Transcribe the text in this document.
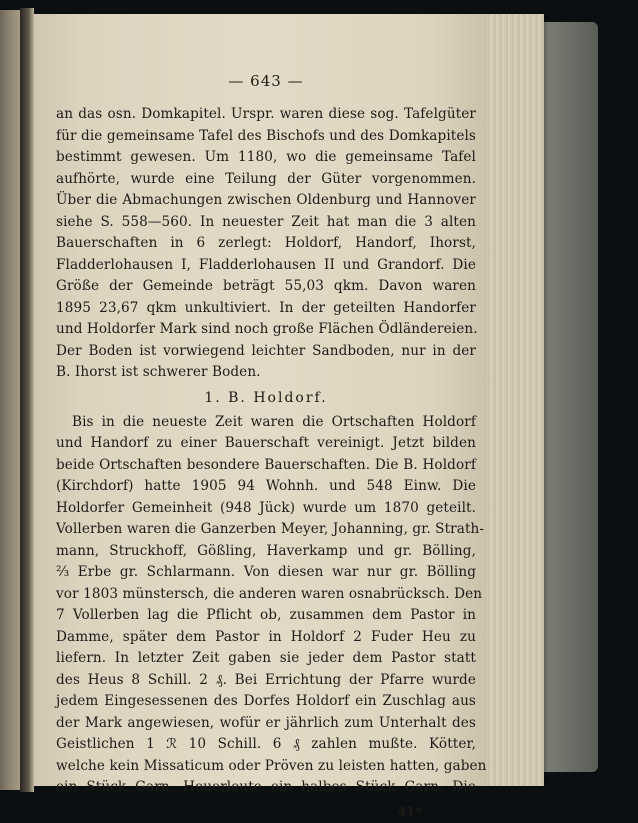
— 643 —
an das osn. Domkapitel. Urspr. waren diese sog. Tafelgüter
für die gemeinsame Tafel des Bischofs und des Domkapitels
bestimmt gewesen. Um 1180, wo die gemeinsame Tafel
aufhörte, wurde eine Teilung der Güter vorgenommen.
Über die Abmachungen zwischen Oldenburg und Hannover
siehe S. 558—560. In neuester Zeit hat man die 3 alten
Bauerschaften in 6 zerlegt: Holdorf, Handorf, Ihorst,
Fladderlohausen I, Fladderlohausen II und Grandorf. Die
Größe der Gemeinde beträgt 55,03 qkm. Davon waren
1895 23,67 qkm unkultiviert. In der geteilten Handorfer
und Holdorfer Mark sind noch große Flächen Ödländereien.
Der Boden ist vorwiegend leichter Sandboden, nur in der
B. Ihorst ist schwerer Boden.
1. B. Holdorf.
Bis in die neueste Zeit waren die Ortschaften Holdorf
und Handorf zu einer Bauerschaft vereinigt. Jetzt bilden
beide Ortschaften besondere Bauerschaften. Die B. Holdorf
(Kirchdorf) hatte 1905 94 Wohnh. und 548 Einw. Die
Holdorfer Gemeinheit (948 Jück) wurde um 1870 geteilt.
Vollerben waren die Ganzerben Meyer, Johanning, gr. Strath-
mann, Struckhoff, Gößling, Haverkamp und gr. Bölling,
⅔ Erbe gr. Schlarmann. Von diesen war nur gr. Bölling
vor 1803 münstersch, die anderen waren osnabrücksch. Den
7 Vollerben lag die Pflicht ob, zusammen dem Pastor in
Damme, später dem Pastor in Holdorf 2 Fuder Heu zu
liefern. In letzter Zeit gaben sie jeder dem Pastor statt
des Heus 8 Schill. 2 ₰. Bei Errichtung der Pfarre wurde
jedem Eingesessenen des Dorfes Holdorf ein Zuschlag aus
der Mark angewiesen, wofür er jährlich zum Unterhalt des
Geistlichen 1 ℛ 10 Schill. 6 ₰ zahlen mußte. Kötter,
welche kein Missaticum oder Pröven zu leisten hatten, gaben
ein Stück Garn, Heuerleute ein halbes Stück Garn. Die
41*
